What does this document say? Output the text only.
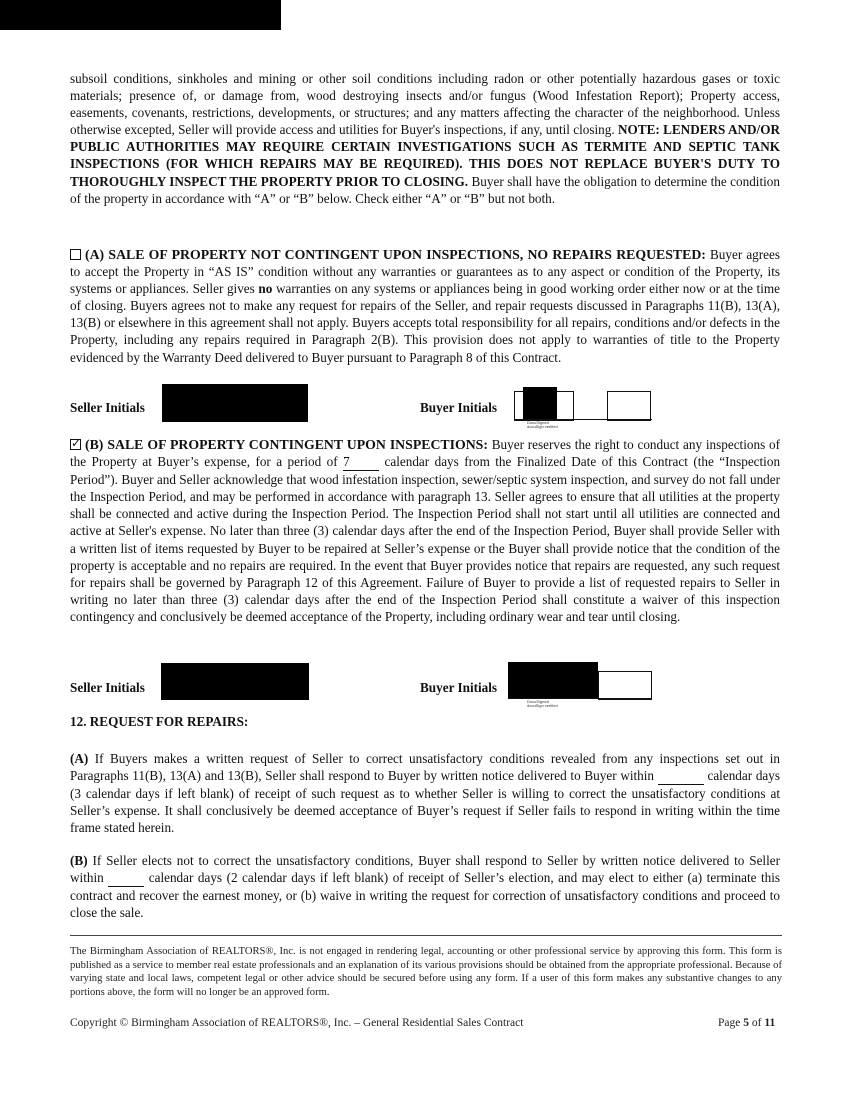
subsoil conditions, sinkholes and mining or other soil conditions including radon or other potentially hazardous gases or toxic materials; presence of, or damage from, wood destroying insects and/or fungus (Wood Infestation Report); Property access, easements, covenants, restrictions, developments, or structures; and any matters affecting the character of the neighborhood. Unless otherwise excepted, Seller will provide access and utilities for Buyer's inspections, if any, until closing. NOTE: LENDERS AND/OR PUBLIC AUTHORITIES MAY REQUIRE CERTAIN INVESTIGATIONS SUCH AS TERMITE AND SEPTIC TANK INSPECTIONS (FOR WHICH REPAIRS MAY BE REQUIRED). THIS DOES NOT REPLACE BUYER'S DUTY TO THOROUGHLY INSPECT THE PROPERTY PRIOR TO CLOSING. Buyer shall have the obligation to determine the condition of the property in accordance with “A” or “B” below. Check either “A” or “B” but not both.

(A) SALE OF PROPERTY NOT CONTINGENT UPON INSPECTIONS, NO REPAIRS REQUESTED: Buyer agrees to accept the Property in “AS IS” condition without any warranties or guarantees as to any aspect or condition of the Property, its systems or appliances. Seller gives no warranties on any systems or appliances being in good working order either now or at the time of closing. Buyers agrees not to make any request for repairs of the Seller, and repair requests discussed in Paragraphs 11(B), 13(A), 13(B) or elsewhere in this agreement shall not apply. Buyers accepts total responsibility for all repairs, conditions and/or defects in the Property, including any repairs required in Paragraph 2(B). This provision does not apply to warranties of title to the Property evidenced by the Warranty Deed delivered to Buyer pursuant to Paragraph 8 of this Contract.

Seller Initials	Buyer Initials
DocuSigned
docuSign verified

✓(B) SALE OF PROPERTY CONTINGENT UPON INSPECTIONS: Buyer reserves the right to conduct any inspections of the Property at Buyer’s expense, for a period of 7	calendar days from the Finalized Date of this Contract (the “Inspection Period”). Buyer and Seller acknowledge that wood infestation inspection, sewer/septic system inspection, and survey do not fall under the Inspection Period, and may be performed in accordance with paragraph 13. Seller agrees to ensure that all utilities at the property shall be connected and active during the Inspection Period. The Inspection Period shall not start until all utilities are connected and active at Seller's expense. No later than three (3) calendar days after the end of the Inspection Period, Buyer shall provide Seller with a written list of items requested by Buyer to be repaired at Seller’s expense or the Buyer shall provide notice that the condition of the property is acceptable and no repairs are required. In the event that Buyer provides notice that repairs are requested, any such request for repairs shall be governed by Paragraph 12 of this Agreement. Failure of Buyer to provide a list of requested repairs to Seller in writing no later than three (3) calendar days after the end of the Inspection Period shall constitute a waiver of this inspection contingency and conclusively be deemed acceptance of the Property, including ordinary wear and tear until closing.

Seller Initials	Buyer Initials
DocuSigned
docuSign verified
12. REQUEST FOR REPAIRS:

(A) If Buyers makes a written request of Seller to correct unsatisfactory conditions revealed from any inspections set out in Paragraphs 11(B), 13(A) and 13(B), Seller shall respond to Buyer by written notice delivered to Buyer within	calendar days (3 calendar days if left blank) of receipt of such request as to whether Seller is willing to correct the unsatisfactory conditions at Seller’s expense. It shall conclusively be deemed acceptance of Buyer’s request if Seller fails to respond in writing within the time frame stated herein.

(B) If Seller elects not to correct the unsatisfactory conditions, Buyer shall respond to Seller by written notice delivered to Seller within	calendar days (2 calendar days if left blank) of receipt of Seller’s election, and may elect to either (a) terminate this contract and recover the earnest money, or (b) waive in writing the request for correction of unsatisfactory conditions and proceed to close the sale.

The Birmingham Association of REALTORS®, Inc. is not engaged in rendering legal, accounting or other professional service by approving this form. This form is published as a service to member real estate professionals and an explanation of its various provisions should be obtained from the appropriate professional. Because of varying state and local laws, competent legal or other advice should be secured before using any form. If a user of this form makes any substantive changes to any portions above, the form will no longer be an approved form.
Copyright © Birmingham Association of REALTORS®, Inc. – General Residential Sales Contract	Page 5 of 11
